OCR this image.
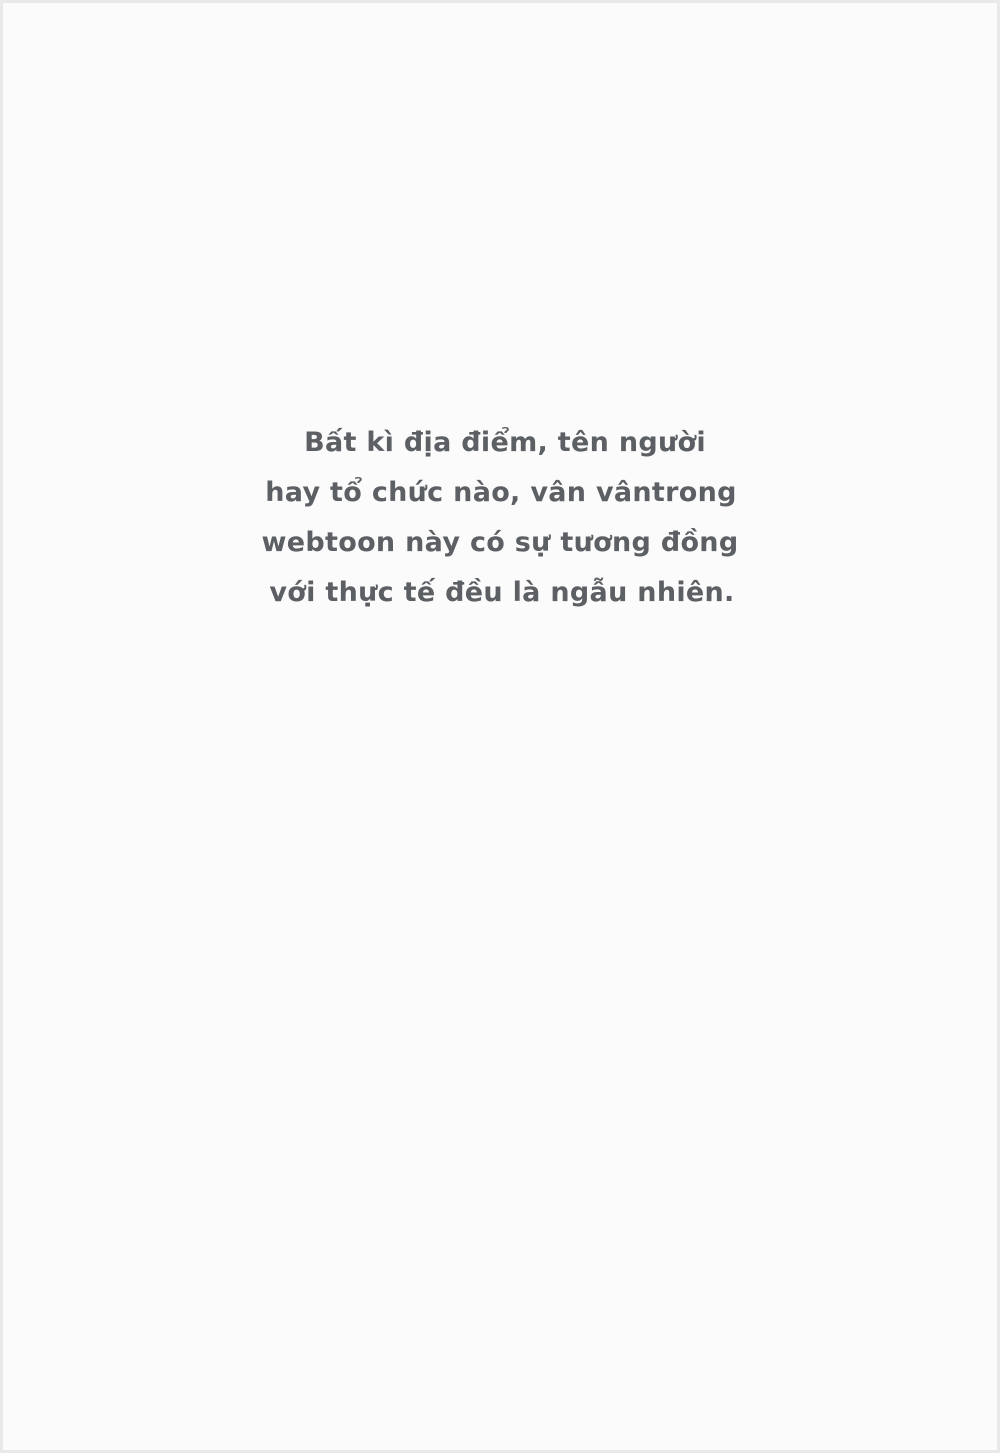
Bất kì địa điểm, tên người
hay tổ chức nào, vân vântrong
webtoon này có sự tương đồng
với thực tế đều là ngẫu nhiên.
